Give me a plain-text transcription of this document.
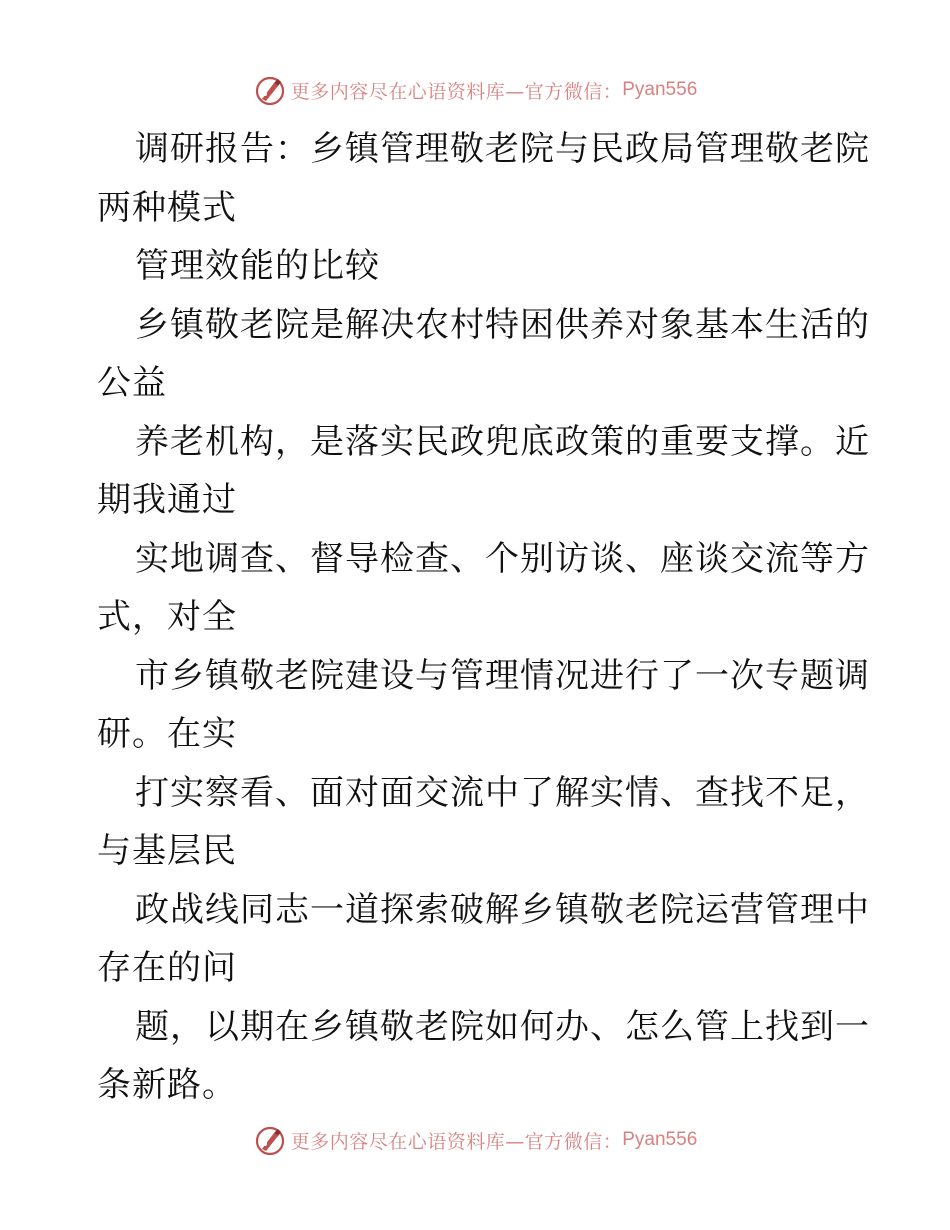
更多内容尽在心语资料库—官方微信： Pyan556
调研报告：乡镇管理敬老院与民政局管理敬老院
两种模式
管理效能的比较
乡镇敬老院是解决农村特困供养对象基本生活的
公益
养老机构，是落实民政兜底政策的重要支撑。近
期我通过
实地调查、督导检查、个别访谈、座谈交流等方
式，对全
市乡镇敬老院建设与管理情况进行了一次专题调
研。在实
打实察看、面对面交流中了解实情、查找不足，
与基层民
政战线同志一道探索破解乡镇敬老院运营管理中
存在的问
题，以期在乡镇敬老院如何办、怎么管上找到一
条新路。
更多内容尽在心语资料库—官方微信： Pyan556
